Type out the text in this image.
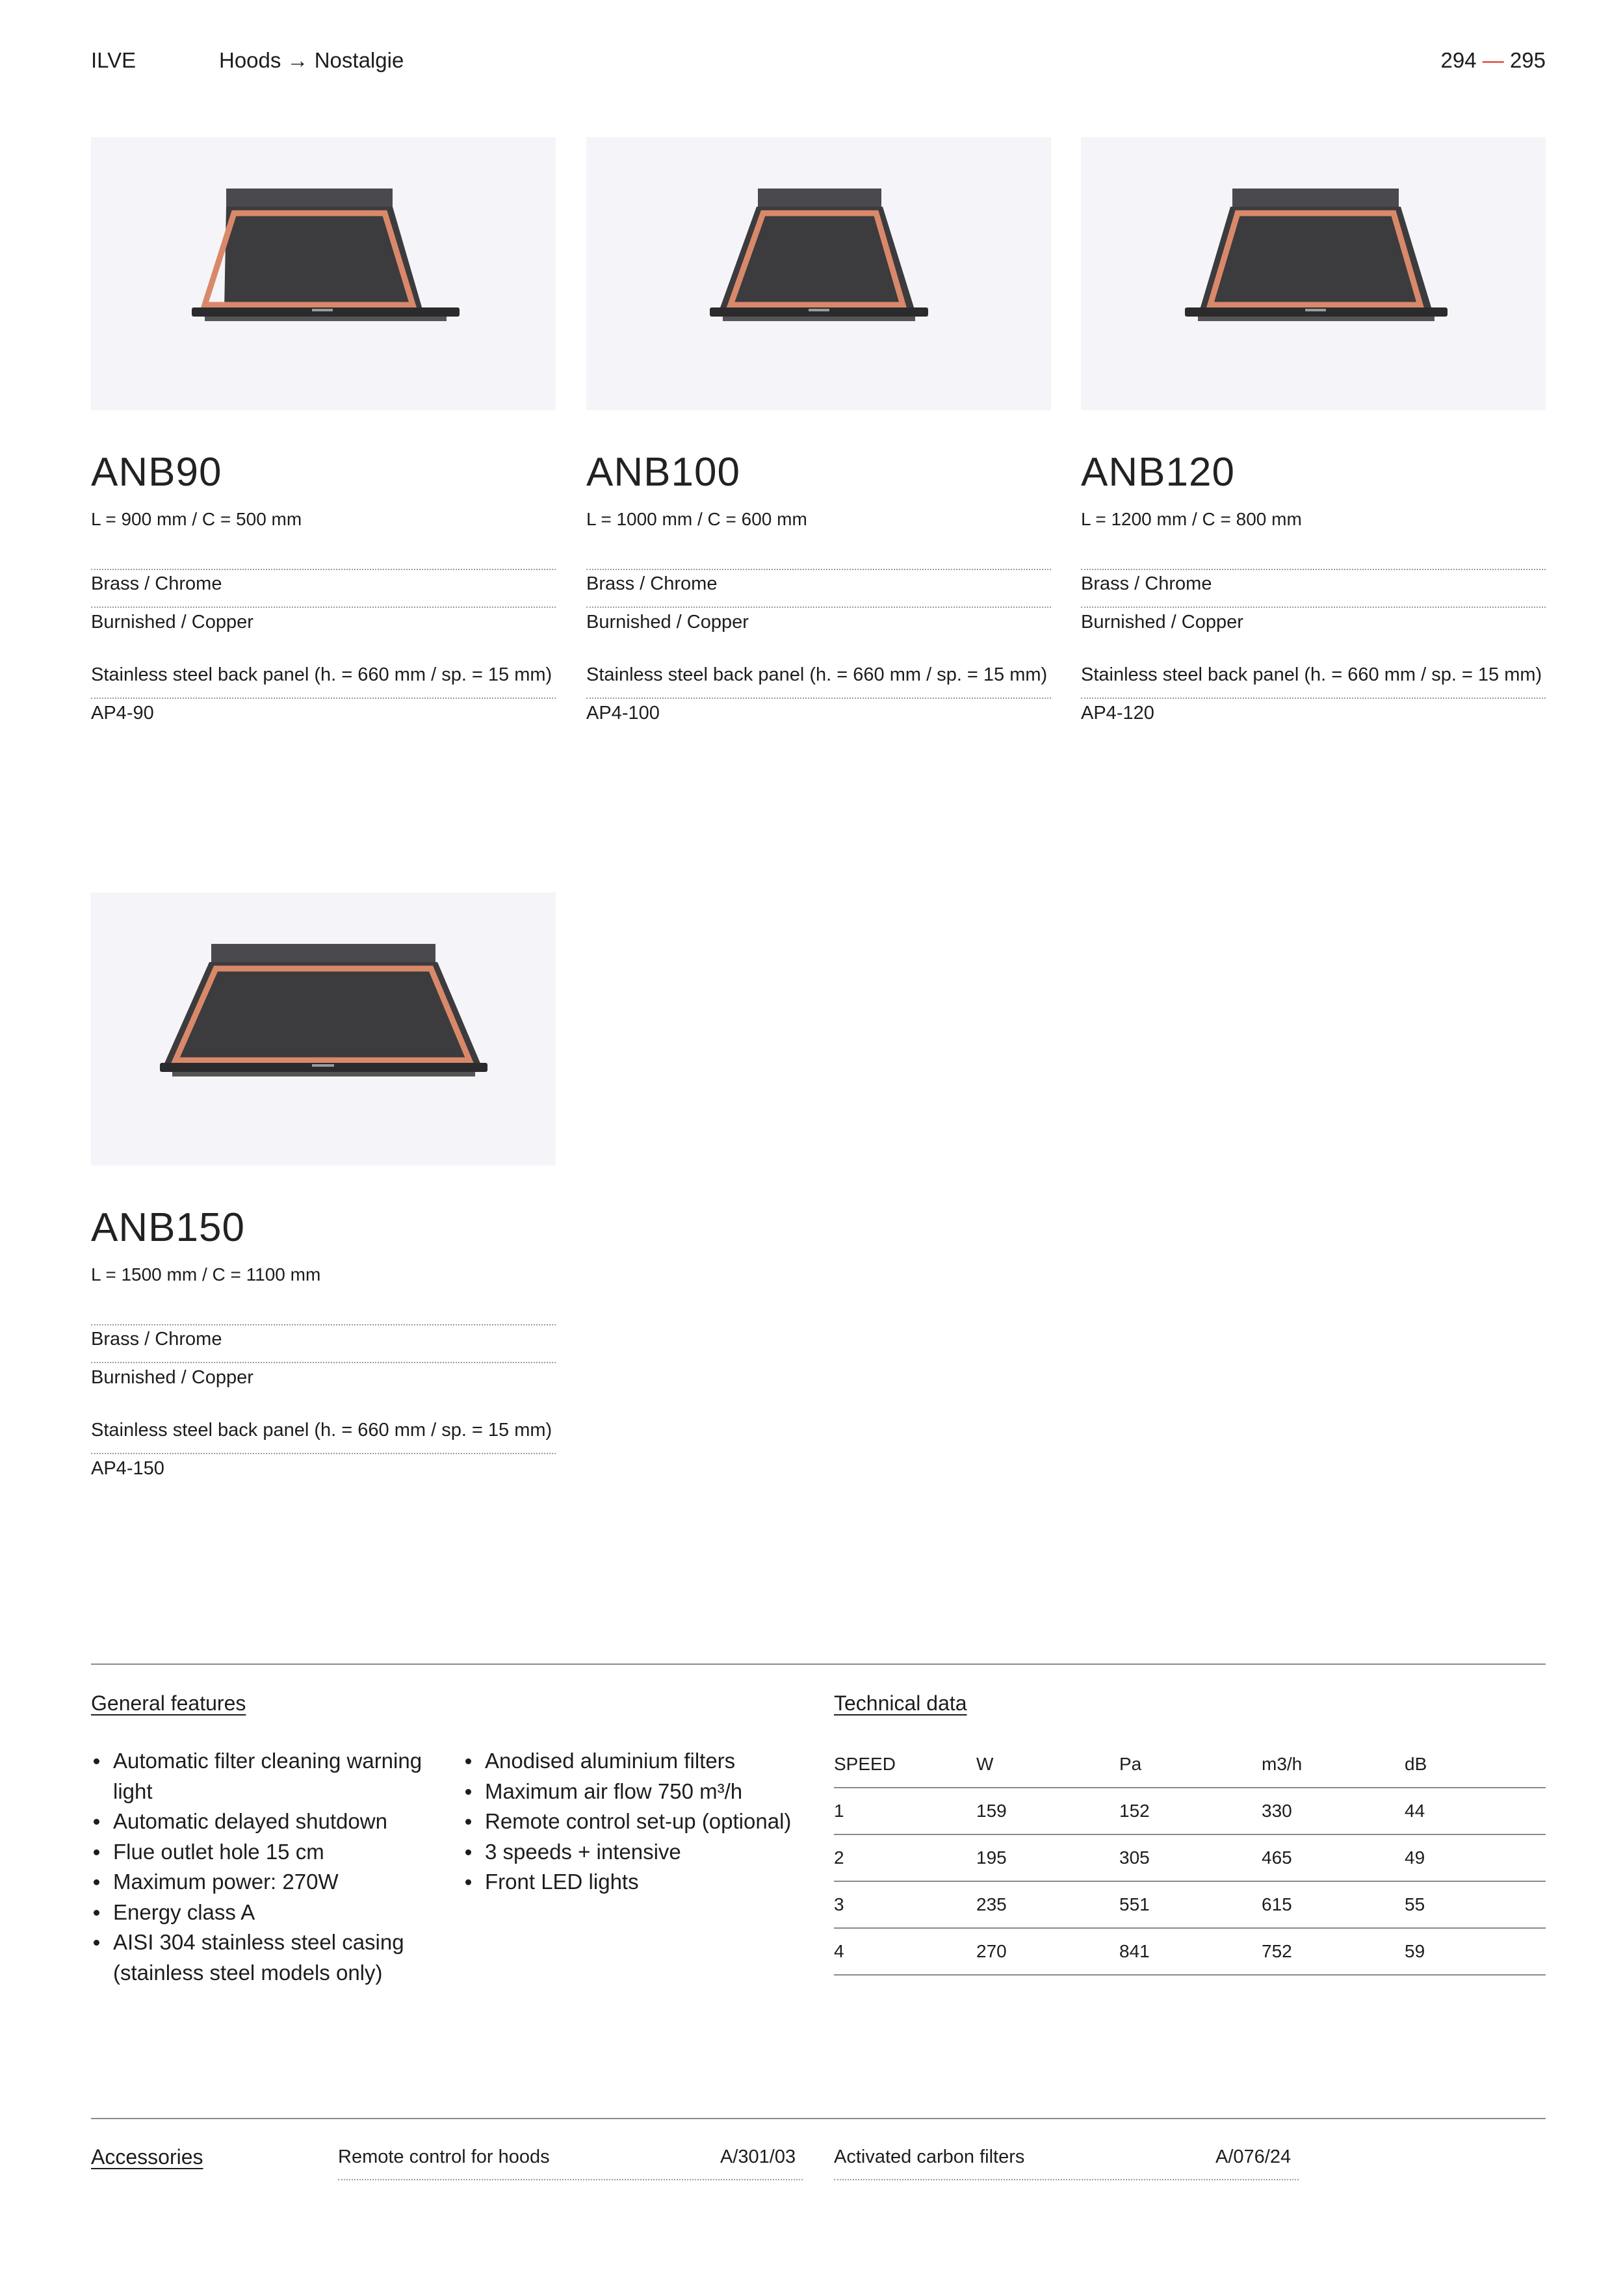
ILVE	Hoods → Nostalgie	294 — 295
ANB90
L = 900 mm / C = 500 mm
Brass / Chrome
Burnished / Copper
Stainless steel back panel (h. = 660 mm / sp. = 15 mm)
AP4-90
ANB100
L = 1000 mm / C = 600 mm
Brass / Chrome
Burnished / Copper
Stainless steel back panel (h. = 660 mm / sp. = 15 mm)
AP4-100
ANB120
L = 1200 mm / C = 800 mm
Brass / Chrome
Burnished / Copper
Stainless steel back panel (h. = 660 mm / sp. = 15 mm)
AP4-120
ANB150
L = 1500 mm / C = 1100 mm
Brass / Chrome
Burnished / Copper
Stainless steel back panel (h. = 660 mm / sp. = 15 mm)
AP4-150
General features
Automatic filter cleaning warning light
Automatic delayed shutdown
Flue outlet hole 15 cm
Maximum power: 270W
Energy class A
AISI 304 stainless steel casing (stainless steel models only)
Anodised aluminium filters
Maximum air flow 750 m³/h
Remote control set-up (optional)
3 speeds + intensive
Front LED lights
Technical data
SPEED	W	Pa	m3/h	dB
1	159	152	330	44
2	195	305	465	49
3	235	551	615	55
4	270	841	752	59
Accessories	Remote control for hoods	A/301/03 Activated carbon filters	A/076/24
